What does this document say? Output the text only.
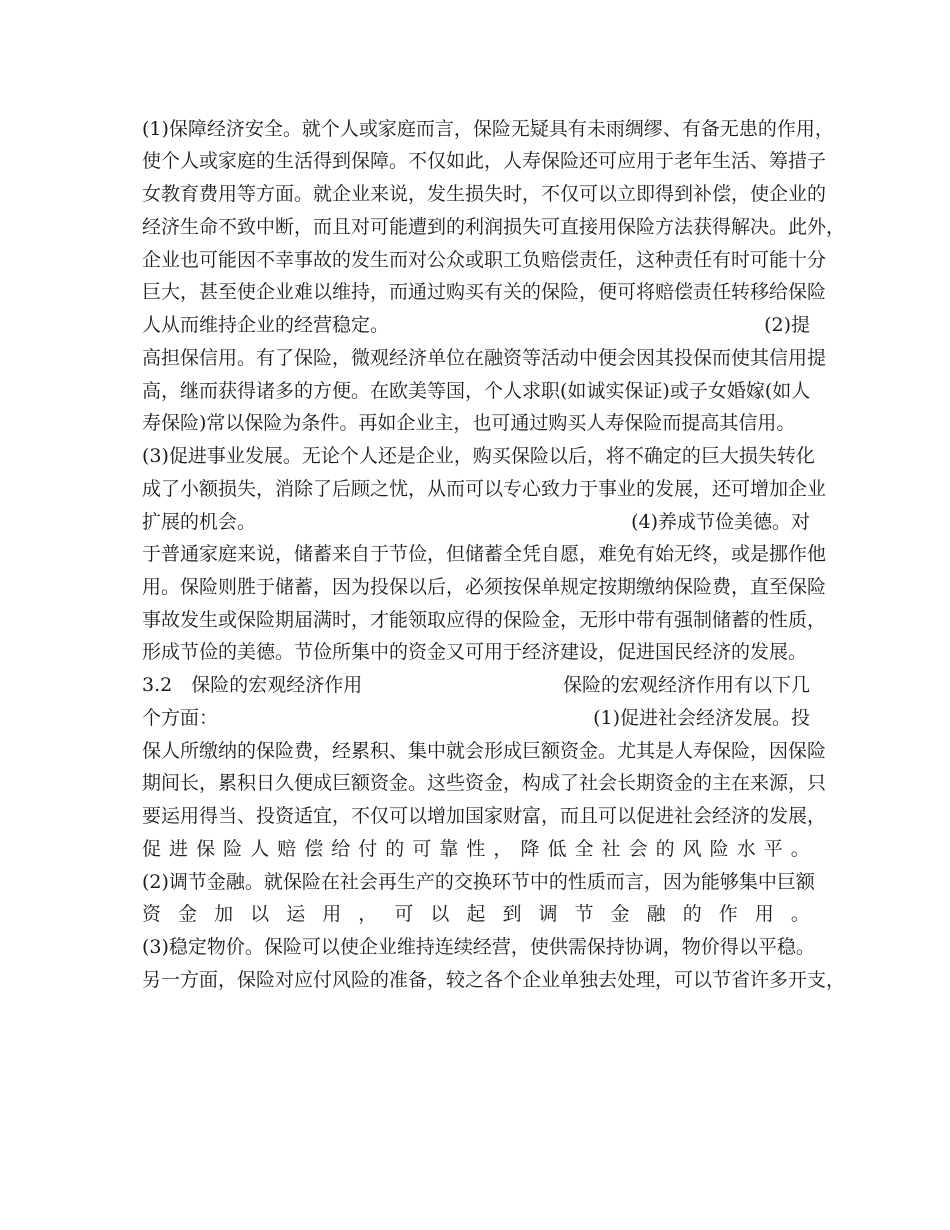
(1)保障经济安全。就个人或家庭而言，保险无疑具有未雨绸缪、有备无患的作用，
使个人或家庭的生活得到保障。不仅如此，人寿保险还可应用于老年生活、筹措子
女教育费用等方面。就企业来说，发生损失时，不仅可以立即得到补偿，使企业的
经济生命不致中断，而且对可能遭到的利润损失可直接用保险方法获得解决。此外，
企业也可能因不幸事故的发生而对公众或职工负赔偿责任，这种责任有时可能十分
巨大，甚至使企业难以维持，而通过购买有关的保险，便可将赔偿责任转移给保险
人从而维持企业的经营稳定。	(2)提
高担保信用。有了保险，微观经济单位在融资等活动中便会因其投保而使其信用提
高，继而获得诸多的方便。在欧美等国，个人求职(如诚实保证)或子女婚嫁(如人
寿保险)常以保险为条件。再如企业主，也可通过购买人寿保险而提高其信用。
(3)促进事业发展。无论个人还是企业，购买保险以后，将不确定的巨大损失转化
成了小额损失，消除了后顾之忧，从而可以专心致力于事业的发展，还可增加企业
扩展的机会。	(4)养成节俭美德。对
于普通家庭来说，储蓄来自于节俭，但储蓄全凭自愿，难免有始无终，或是挪作他
用。保险则胜于储蓄，因为投保以后，必须按保单规定按期缴纳保险费，直至保险
事故发生或保险期届满时，才能领取应得的保险金，无形中带有强制储蓄的性质，
形成节俭的美德。节俭所集中的资金又可用于经济建设，促进国民经济的发展。
3.2　保险的宏观经济作用	保险的宏观经济作用有以下几
个方面：	(1)促进社会经济发展。投
保人所缴纳的保险费，经累积、集中就会形成巨额资金。尤其是人寿保险，因保险
期间长，累积日久便成巨额资金。这些资金，构成了社会长期资金的主在来源，只
要运用得当、投资适宜，不仅可以增加国家财富，而且可以促进社会经济的发展，
促 进 保 险 人 赔 偿 给 付 的 可 靠 性 ， 降 低 全 社 会 的 风 险 水 平 。
(2)调节金融。就保险在社会再生产的交换环节中的性质而言，因为能够集中巨额
资 金 加 以 运 用 ， 可 以 起 到 调 节 金 融 的 作 用 。
(3)稳定物价。保险可以使企业维持连续经营，使供需保持协调，物价得以平稳。
另一方面，保险对应付风险的准备，较之各个企业单独去处理，可以节省许多开支，
